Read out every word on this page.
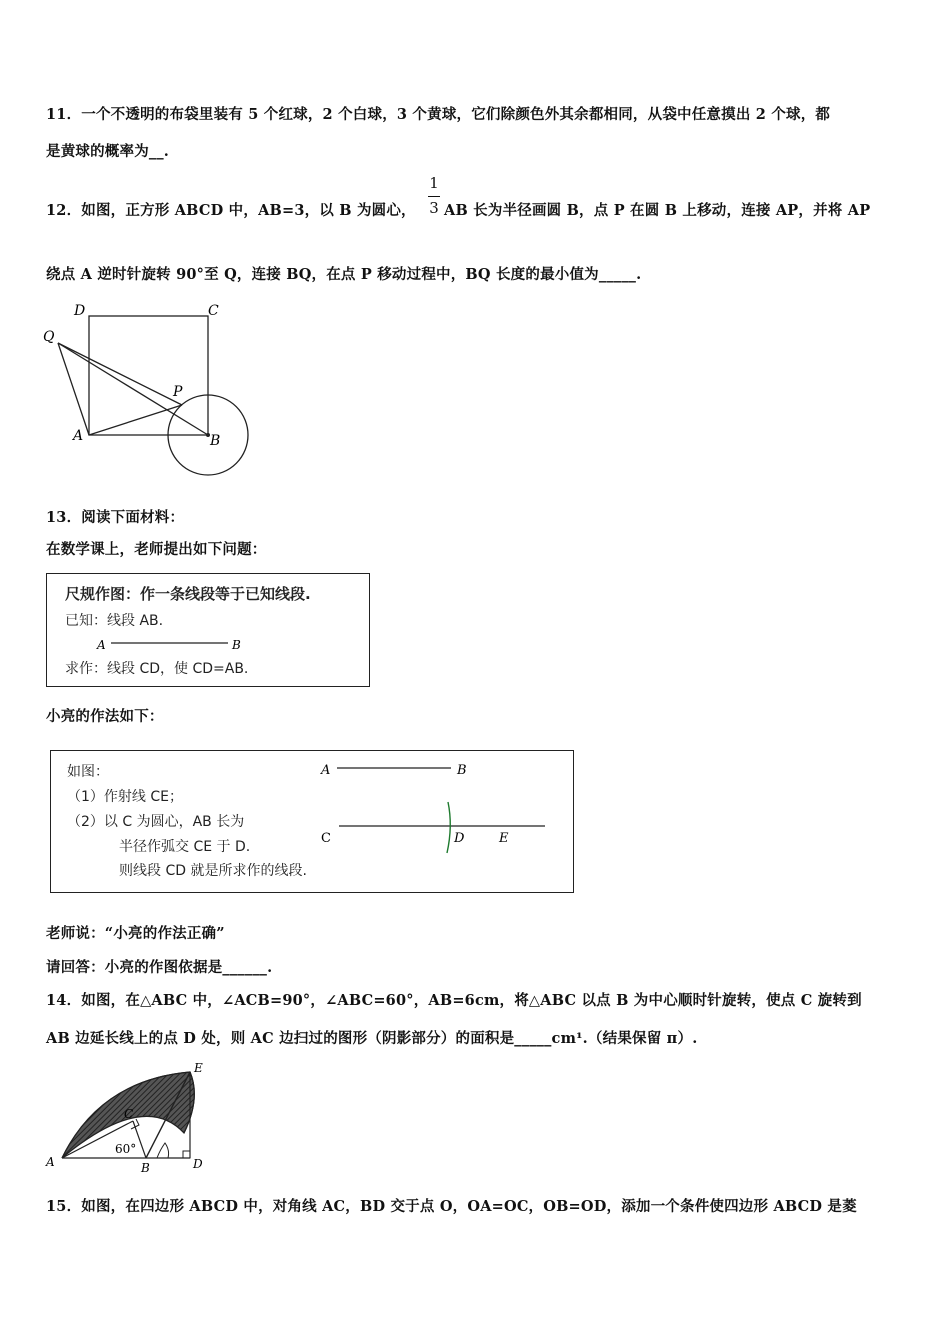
11．一个不透明的布袋里装有 5 个红球，2 个白球，3 个黄球，它们除颜色外其余都相同，从袋中任意摸出 2 个球，都
是黄球的概率为__.
12．如图，正方形 ABCD 中，AB=3，以 B 为圆心，
1
3 AB 长为半径画圆 B，点 P 在圆 B 上移动，连接 AP，并将 AP
绕点 A 逆时针旋转 90°至 Q，连接 BQ，在点 P 移动过程中，BQ 长度的最小值为_____.
D	C
Q
P
A	B
13．阅读下面材料：
在数学课上，老师提出如下问题：
尺规作图：作一条线段等于已知线段.
已知：线段 AB.
A	B
求作：线段 CD，使 CD=AB.
小亮的作法如下：
如图：
（1）作射线 CE；
（2）以 C 为圆心，AB 长为
半径作弧交 CE 于 D.
则线段 CD 就是所求作的线段.
A	B
C	D	E
老师说：“小亮的作法正确”
请回答：小亮的作图依据是______.
14．如图，在△ABC 中，∠ACB=90°，∠ABC=60°，AB=6cm，将△ABC 以点 B 为中心顺时针旋转，使点 C 旋转到
AB 边延长线上的点 D 处，则 AC 边扫过的图形（阴影部分）的面积是_____cm¹.（结果保留 π）.
E
C
60°
A	B	D
15．如图，在四边形 ABCD 中，对角线 AC，BD 交于点 O，OA=OC，OB=OD，添加一个条件使四边形 ABCD 是菱
